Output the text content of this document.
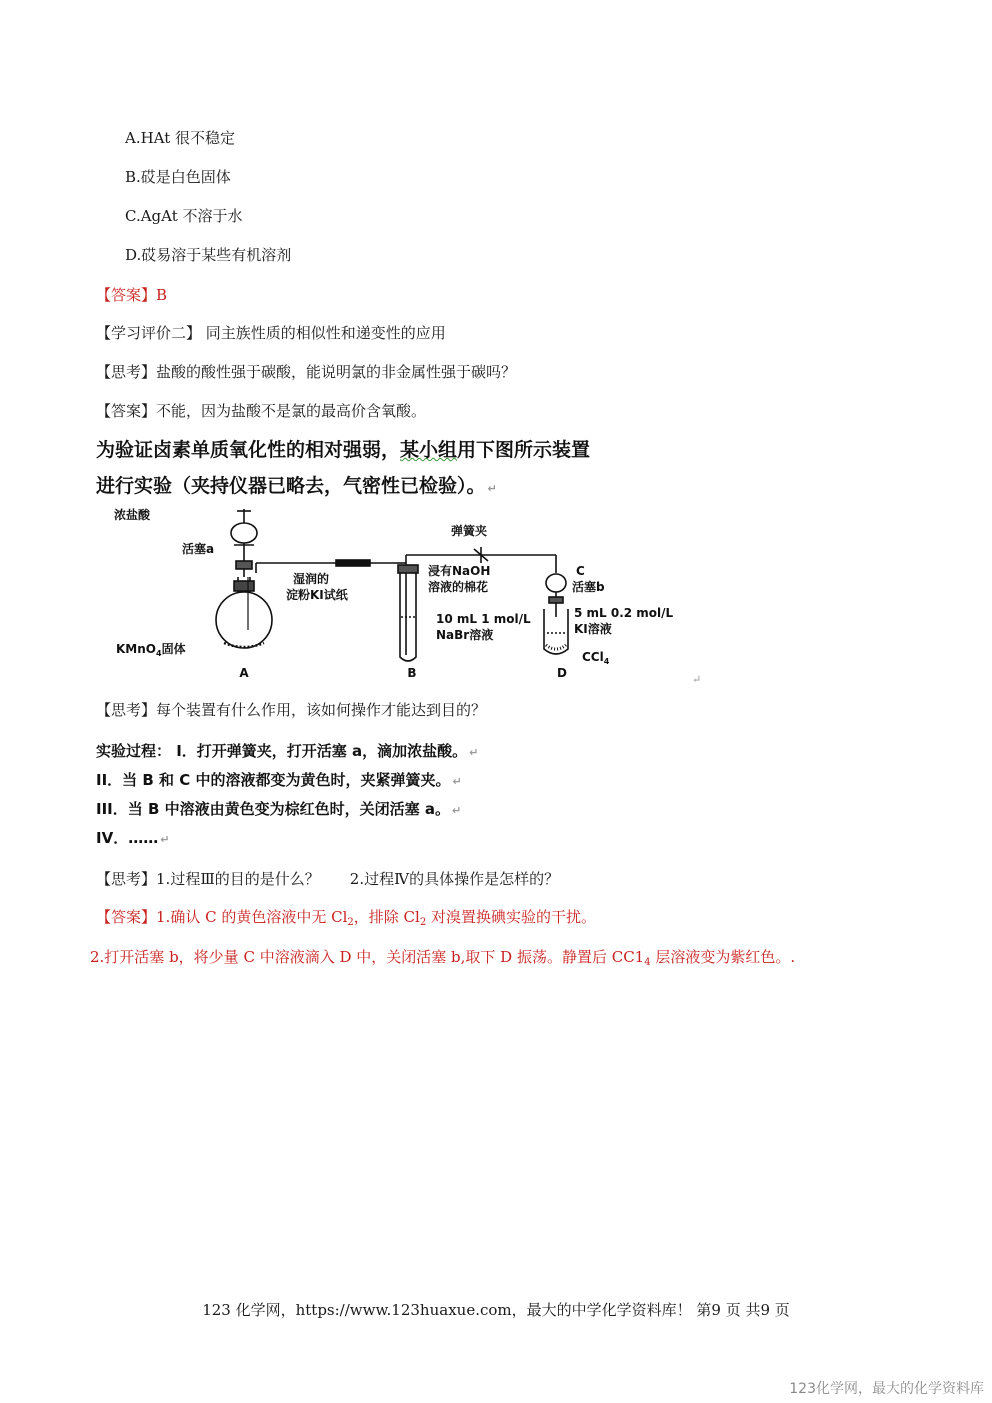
A.HAt 很不稳定
B.砹是白色固体
C.AgAt 不溶于水
D.砹易溶于某些有机溶剂
【答案】B
【学习评价二】 同主族性质的相似性和递变性的应用
【思考】盐酸的酸性强于碳酸，能说明氯的非金属性强于碳吗？
【答案】不能，因为盐酸不是氯的最高价含氧酸。
为验证卤素单质氧化性的相对强弱，某小组用下图所示装置
进行实验（夹持仪器已略去，气密性已检验）。 ↵
浓盐酸
活塞a
湿润的
淀粉KI试纸
KMnO$_4$固体
A
弹簧夹
浸有NaOH
溶液的棉花
10 mL 1 mol/L
NaBr溶液
B
C
活塞b
5 mL 0.2 mol/L
KI溶液
CCl$_4$
D	↵
【思考】每个装置有什么作用，该如何操作才能达到目的？
实验过程： I．打开弹簧夹，打开活塞 a，滴加浓盐酸。 ↵
II．当 B 和 C 中的溶液都变为黄色时，夹紧弹簧夹。 ↵
III．当 B 中溶液由黄色变为棕红色时，关闭活塞 a。 ↵
IV．…… ↵
【思考】1.过程Ⅲ的目的是什么？ 2.过程Ⅳ的具体操作是怎样的？
【答案】1.确认 C 的黄色溶液中无 $Cl_2$，排除 $Cl_2$ 对溴置换碘实验的干扰。
2.打开活塞 b，将少量 C 中溶液滴入 D 中，关闭活塞 b,取下 D 振荡。静置后 $CC1_4$ 层溶液变为紫红色。.
123 化学网，https://www.123huaxue.com，最大的中学化学资料库！ 第9 页 共9 页
123化学网，最大的化学资料库
